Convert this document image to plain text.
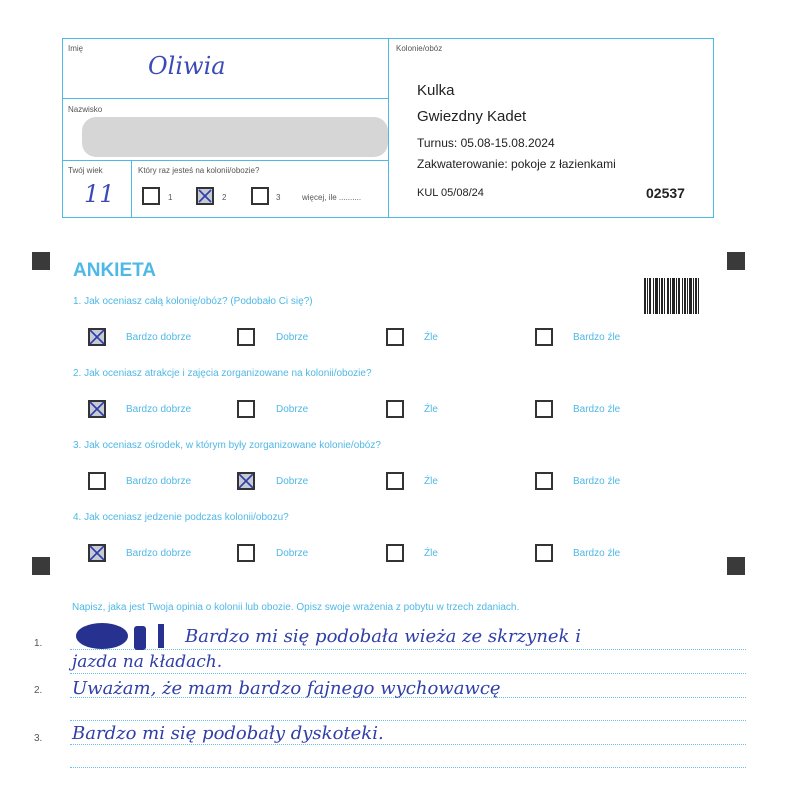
Imię
Oliwia
Nazwisko
Twój wiek
11
Który raz jesteś na kolonii/obozie?
1	2	3	więcej, ile ..........
Kolonie/obóz
Kulka
Gwiezdny Kadet
Turnus: 05.08-15.08.2024
Zakwaterowanie: pokoje z łazienkami
KUL 05/08/24	02537
ANKIETA
1. Jak oceniasz całą kolonię/obóz? (Podobało Ci się?)
Bardzo dobrze	Dobrze	Źle	Bardzo źle
2. Jak oceniasz atrakcje i zajęcia zorganizowane na kolonii/obozie?
Bardzo dobrze	Dobrze	Źle	Bardzo źle
3. Jak oceniasz ośrodek, w którym były zorganizowane kolonie/obóz?
Bardzo dobrze	Dobrze	Źle	Bardzo źle
4. Jak oceniasz jedzenie podczas kolonii/obozu?
Bardzo dobrze	Dobrze	Źle	Bardzo źle
Napisz, jaka jest Twoja opinia o kolonii lub obozie. Opisz swoje wrażenia z pobytu w trzech zdaniach.
1.
2.
3.
Bardzo mi się podobała wieża ze skrzynek i
jazda na kładach.
Uważam, że mam bardzo fajnego wychowawcę
Bardzo mi się podobały dyskoteki.
